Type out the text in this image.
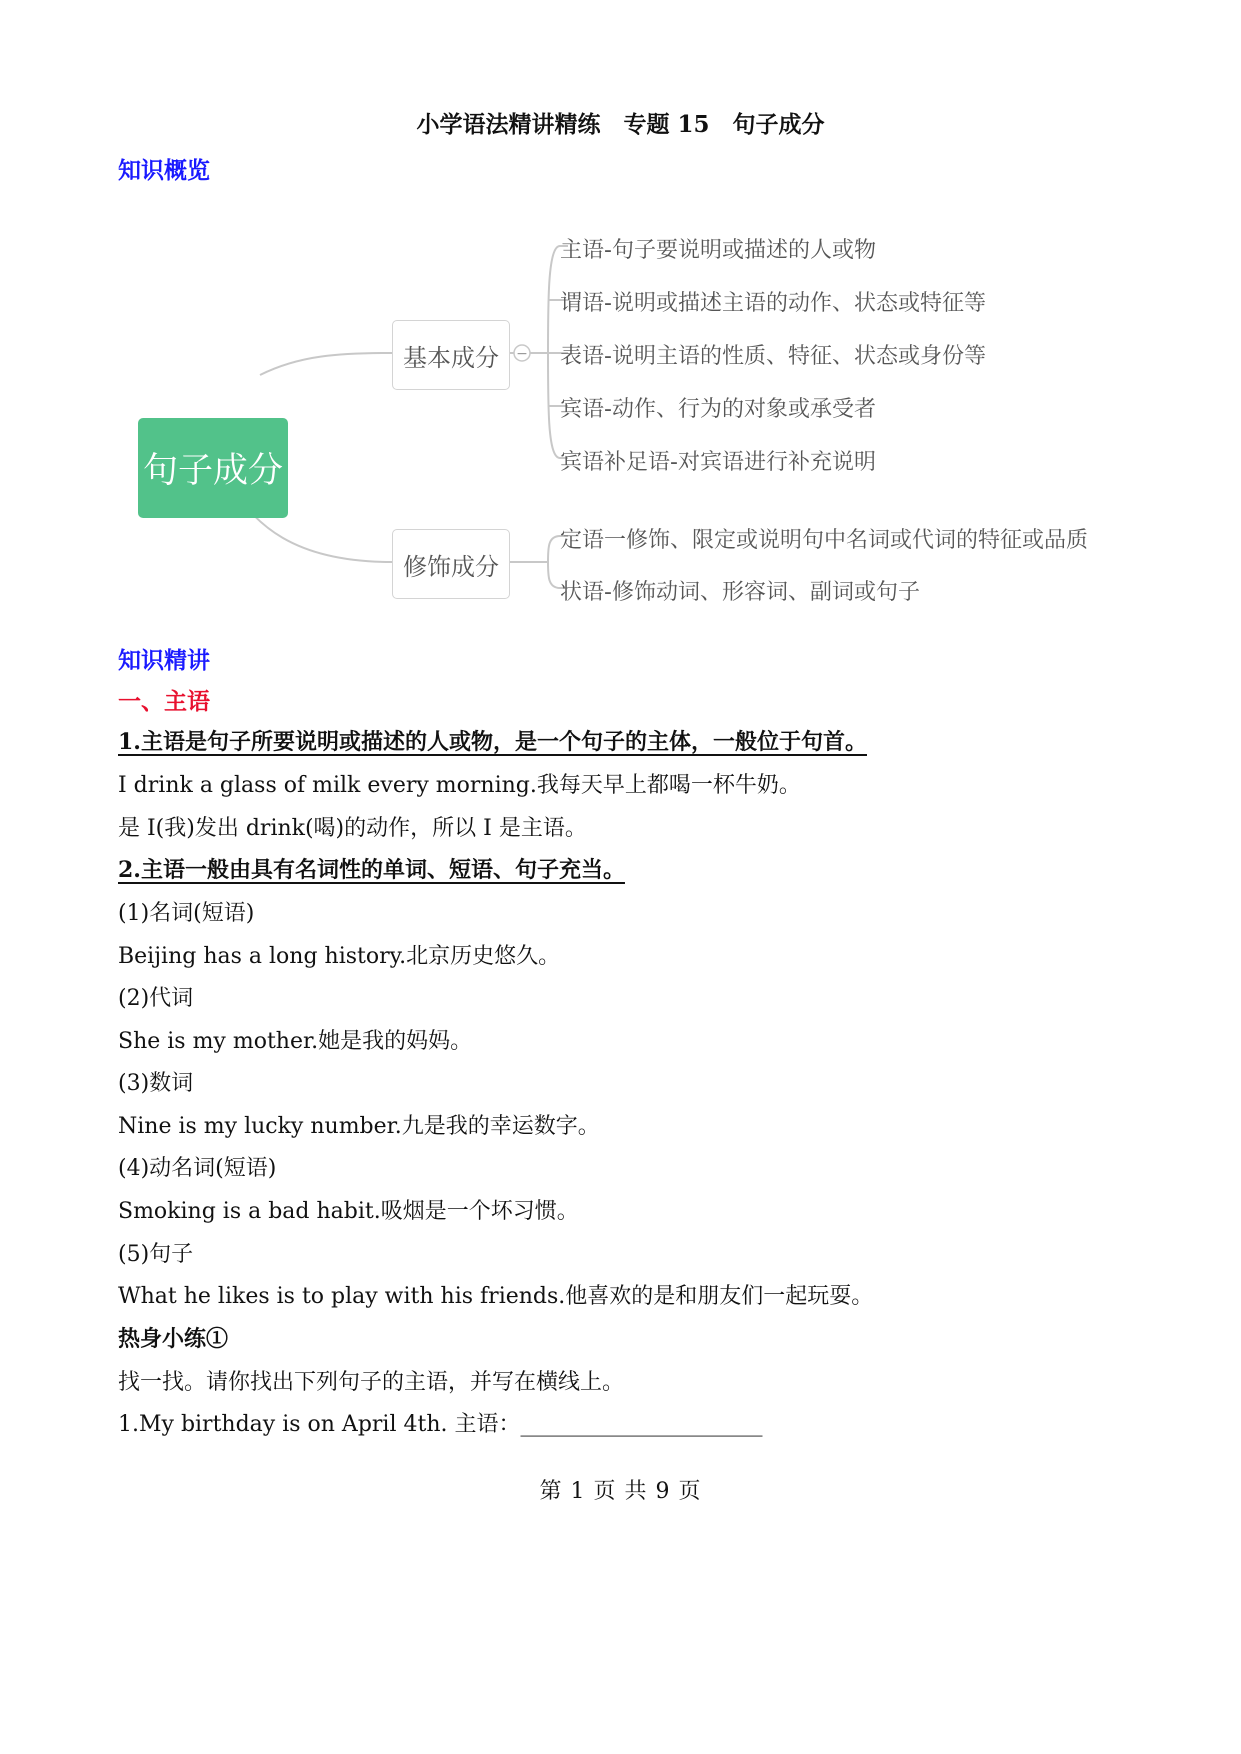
小学语法精讲精练　专题 15　句子成分
知识概览
−
句子成分
基本成分
修饰成分
主语-句子要说明或描述的人或物
谓语-说明或描述主语的动作、状态或特征等
表语-说明主语的性质、特征、状态或身份等
宾语-动作、行为的对象或承受者
宾语补足语-对宾语进行补充说明
定语一修饰、限定或说明句中名词或代词的特征或品质
状语-修饰动词、形容词、副词或句子
知识精讲
一、主语
1.主语是句子所要说明或描述的人或物，是一个句子的主体，一般位于句首。
I drink a glass of milk every morning.我每天早上都喝一杯牛奶。
是 I(我)发出 drink(喝)的动作，所以 I 是主语。
2.主语一般由具有名词性的单词、短语、句子充当。
(1)名词(短语)
Beijing has a long history.北京历史悠久。
(2)代词
She is my mother.她是我的妈妈。
(3)数词
Nine is my lucky number.九是我的幸运数字。
(4)动名词(短语)
Smoking is a bad habit.吸烟是一个坏习惯。
(5)句子
What he likes is to play with his friends.他喜欢的是和朋友们一起玩耍。
热身小练①
找一找。请你找出下列句子的主语，并写在横线上。
1.My birthday is on April 4th. 主语：______________________
第 1 页 共 9 页
